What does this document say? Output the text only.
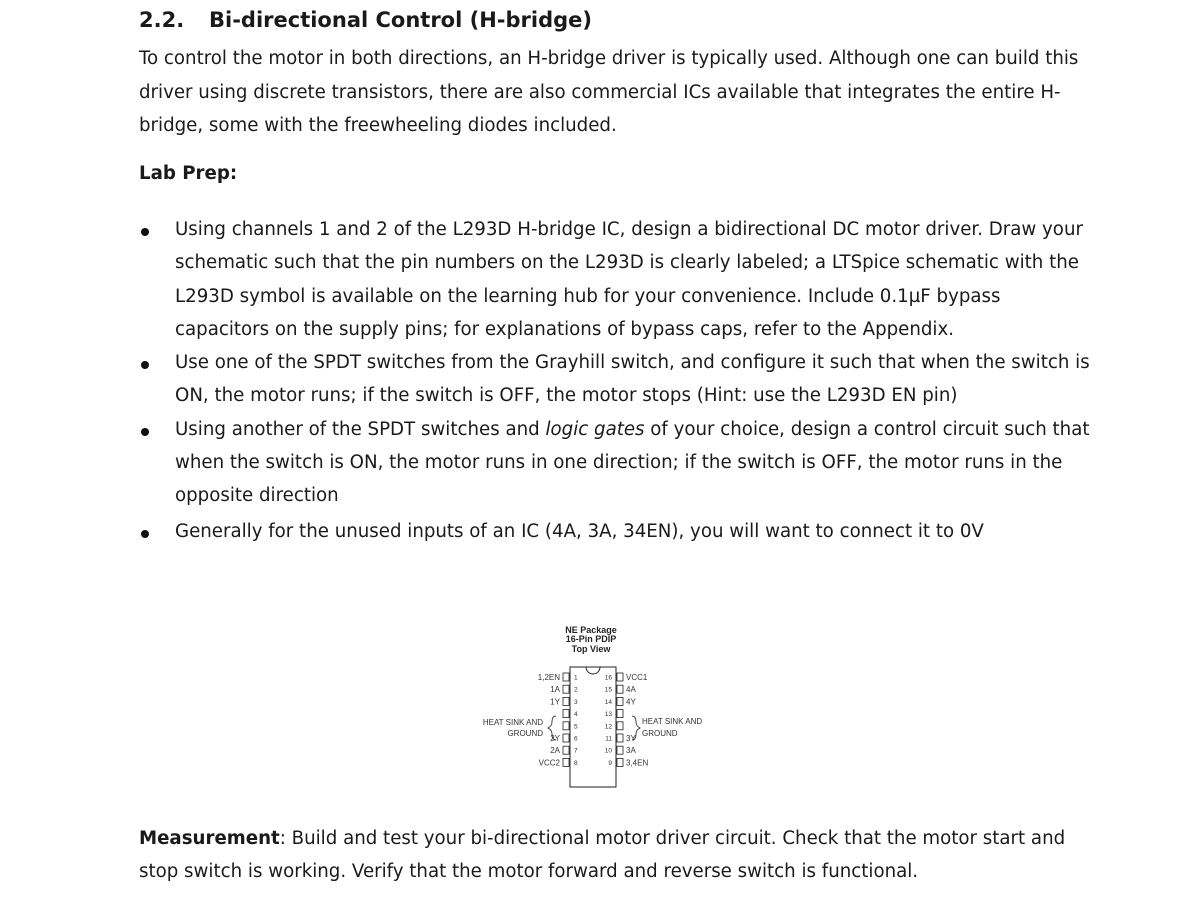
2.2. Bi-directional Control (H-bridge)
To control the motor in both directions, an H-bridge driver is typically used. Although one can build this driver using discrete transistors, there are also commercial ICs available that integrates the entire H-bridge, some with the freewheeling diodes included.
Lab Prep:
Using channels 1 and 2 of the L293D H-bridge IC, design a bidirectional DC motor driver. Draw your schematic such that the pin numbers on the L293D is clearly labeled; a LTSpice schematic with the L293D symbol is available on the learning hub for your convenience. Include 0.1µF bypass capacitors on the supply pins; for explanations of bypass caps, refer to the Appendix.
Use one of the SPDT switches from the Grayhill switch, and configure it such that when the switch is ON, the motor runs; if the switch is OFF, the motor stops (Hint: use the L293D EN pin)
Using another of the SPDT switches and logic gates of your choice, design a control circuit such that when the switch is ON, the motor runs in one direction; if the switch is OFF, the motor runs in the opposite direction
Generally for the unused inputs of an IC (4A, 3A, 34EN), you will want to connect it to 0V
NE Package
16-Pin PDIP
Top View
1
1,2EN
2
1A
3
1Y
4
5
6
2Y
7
2A
8
VCC2
16 VCC1
15 4A
14 4Y
13
12
11 3Y
10 3A
9 3,4EN
HEAT SINK AND
GROUND
HEAT SINK AND
GROUND
Measurement: Build and test your bi-directional motor driver circuit. Check that the motor start and stop switch is working. Verify that the motor forward and reverse switch is functional.
